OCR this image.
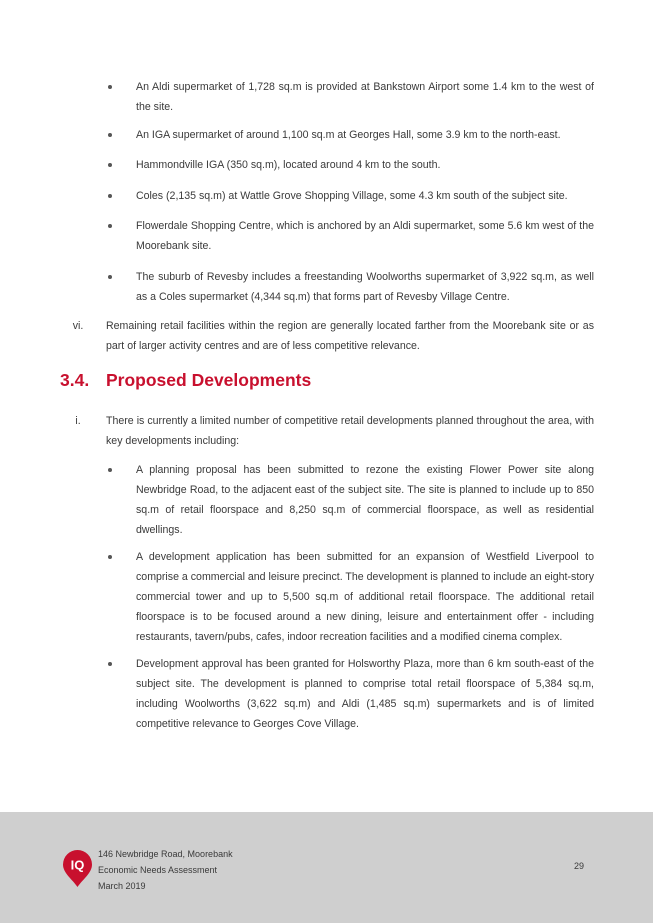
An Aldi supermarket of 1,728 sq.m is provided at Bankstown Airport some 1.4 km to the west of the site.
An IGA supermarket of around 1,100 sq.m at Georges Hall, some 3.9 km to the north-east.
Hammondville IGA (350 sq.m), located around 4 km to the south.
Coles (2,135 sq.m) at Wattle Grove Shopping Village, some 4.3 km south of the subject site.
Flowerdale Shopping Centre, which is anchored by an Aldi supermarket, some 5.6 km west of the Moorebank site.
The suburb of Revesby includes a freestanding Woolworths supermarket of 3,922 sq.m, as well as a Coles supermarket (4,344 sq.m) that forms part of Revesby Village Centre.
vi.	Remaining retail facilities within the region are generally located farther from the Moorebank site or as part of larger activity centres and are of less competitive relevance.
3.4. Proposed Developments
i.	There is currently a limited number of competitive retail developments planned throughout the area, with key developments including:
A planning proposal has been submitted to rezone the existing Flower Power site along Newbridge Road, to the adjacent east of the subject site. The site is planned to include up to 850 sq.m of retail floorspace and 8,250 sq.m of commercial floorspace, as well as residential dwellings.
A development application has been submitted for an expansion of Westfield Liverpool to comprise a commercial and leisure precinct. The development is planned to include an eight-story commercial tower and up to 5,500 sq.m of additional retail floorspace. The additional retail floorspace is to be focused around a new dining, leisure and entertainment offer - including restaurants, tavern/pubs, cafes, indoor recreation facilities and a modified cinema complex.
Development approval has been granted for Holsworthy Plaza, more than 6 km south-east of the subject site. The development is planned to comprise total retail floorspace of 5,384 sq.m, including Woolworths (3,622 sq.m) and Aldi (1,485 sq.m) supermarkets and is of limited competitive relevance to Georges Cove Village.
IQ
146 Newbridge Road, Moorebank
Economic Needs Assessment
March 2019
29
